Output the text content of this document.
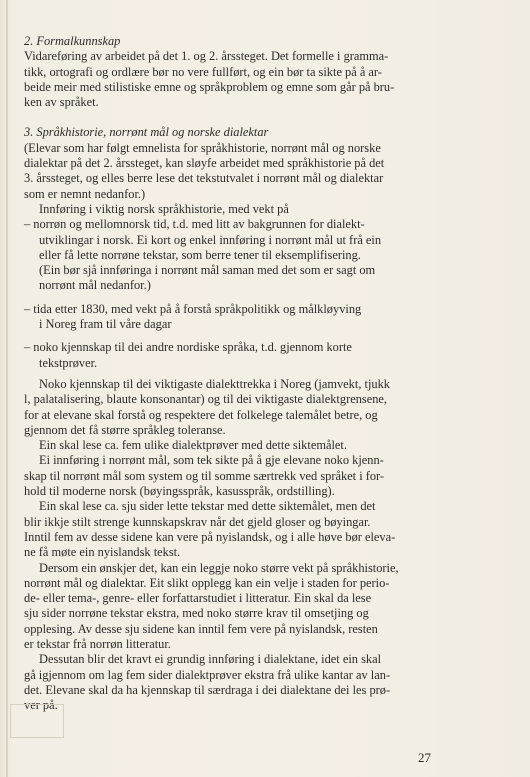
2. Formalkunnskap

Vidareføring av arbeidet på det 1. og 2. årssteget. Det formelle i gramma-

tikk, ortografi og ordlære bør no vere fullført, og ein bør ta sikte på å ar-

beide meir med stilistiske emne og språkproblem og emne som går på bru-

ken av språket.

3. Språkhistorie, norrønt mål og norske dialektar

(Elevar som har følgt emnelista for språkhistorie, norrønt mål og norske

dialektar på det 2. årssteget, kan sløyfe arbeidet med språkhistorie på det

3. årssteget, og elles berre lese det tekstutvalet i norrønt mål og dialektar

som er nemnt nedanfor.)

Innføring i viktig norsk språkhistorie, med vekt på

– norrøn og mellomnorsk tid, t.d. med litt av bakgrunnen for dialekt-

utviklingar i norsk. Ei kort og enkel innføring i norrønt mål ut frå ein

eller få lette norrøne tekstar, som berre tener til eksemplifisering.

(Ein bør sjå innføringa i norrønt mål saman med det som er sagt om

norrønt mål nedanfor.)

– tida etter 1830, med vekt på å forstå språkpolitikk og målkløyving

i Noreg fram til våre dagar

– noko kjennskap til dei andre nordiske språka, t.d. gjennom korte

tekstprøver.

Noko kjennskap til dei viktigaste dialekttrekka i Noreg (jamvekt, tjukk

l, palatalisering, blaute konsonantar) og til dei viktigaste dialektgrensene,

for at elevane skal forstå og respektere det folkelege talemålet betre, og

gjennom det få større språkleg toleranse.

Ein skal lese ca. fem ulike dialektprøver med dette siktemålet.

Ei innføring i norrønt mål, som tek sikte på å gje elevane noko kjenn-

skap til norrønt mål som system og til somme særtrekk ved språket i for-

hold til moderne norsk (bøyingsspråk, kasusspråk, ordstilling).

Ein skal lese ca. sju sider lette tekstar med dette siktemålet, men det

blir ikkje stilt strenge kunnskapskrav når det gjeld gloser og bøyingar.

Inntil fem av desse sidene kan vere på nyislandsk, og i alle høve bør eleva-

ne få møte ein nyislandsk tekst.

Dersom ein ønskjer det, kan ein leggje noko større vekt på språkhistorie,

norrønt mål og dialektar. Eit slikt opplegg kan ein velje i staden for perio-

de- eller tema-, genre- eller forfattarstudiet i litteratur. Ein skal da lese

sju sider norrøne tekstar ekstra, med noko større krav til omsetjing og

opplesing. Av desse sju sidene kan inntil fem vere på nyislandsk, resten

er tekstar frå norrøn litteratur.

Dessutan blir det kravt ei grundig innføring i dialektane, idet ein skal

gå igjennom om lag fem sider dialektprøver ekstra frå ulike kantar av lan-

det. Elevane skal da ha kjennskap til særdraga i dei dialektane dei les prø-

ver på.

27
